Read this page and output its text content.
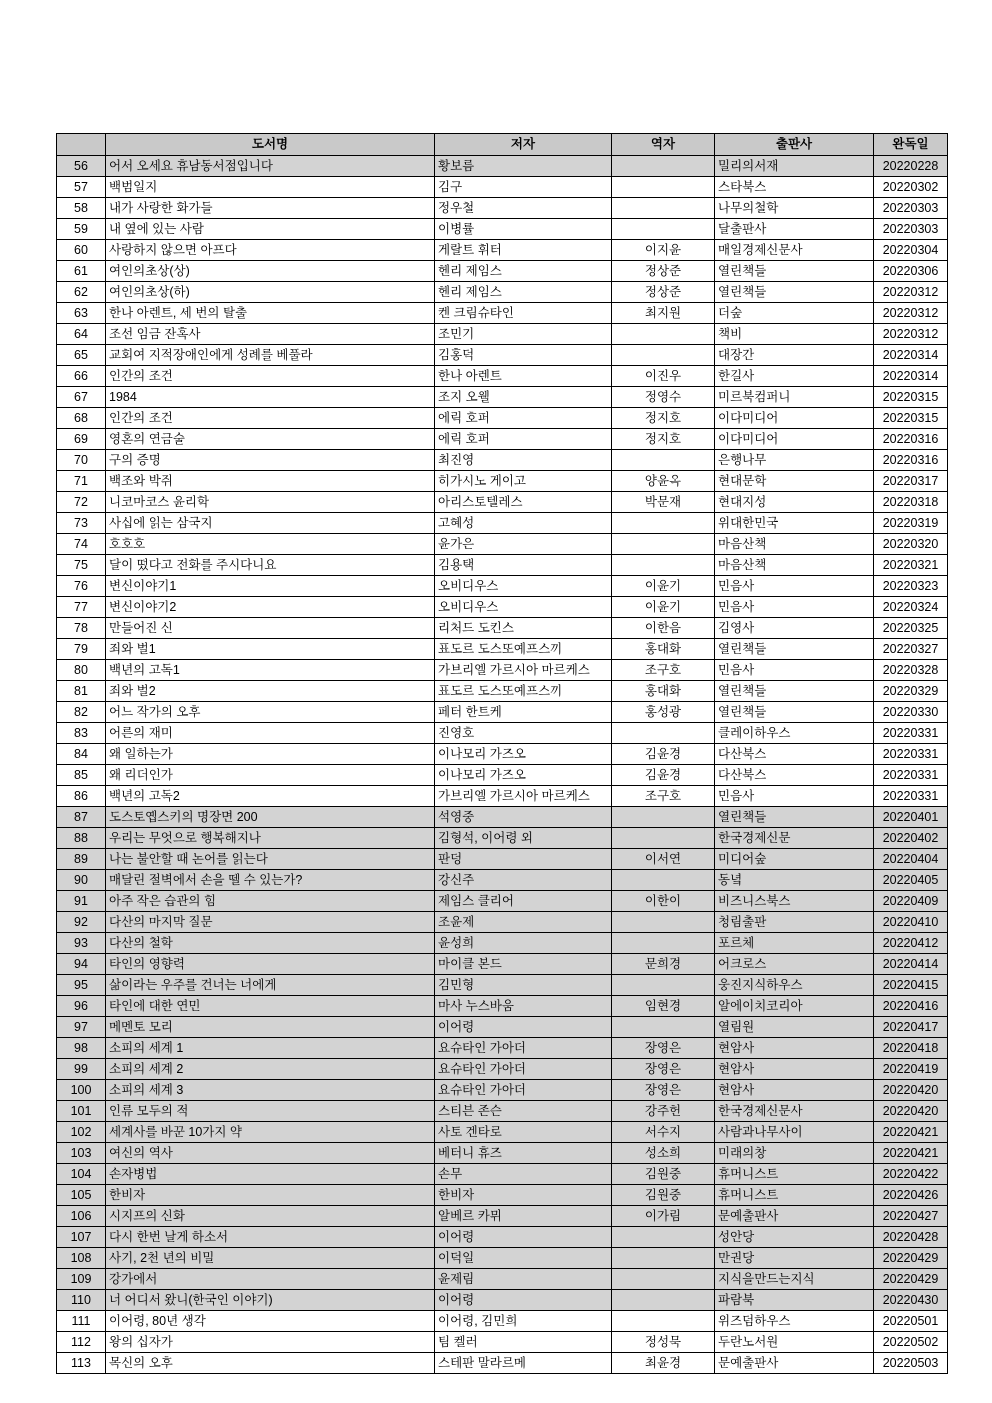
	도서명	저자	역자	출판사	완독일
56	어서 오세요 휴남동서점입니다	황보름		밀리의서재	20220228
57	백범일지	김구		스타북스	20220302
58	내가 사랑한 화가들	정우철		나무의철학	20220303
59	내 옆에 있는 사람	이병률		달출판사	20220303
60	사랑하지 않으면 아프다	게랄트 휘터	이지윤	매일경제신문사	20220304
61	여인의초상(상)	헨리 제임스	정상준	열린책들	20220306
62	여인의초상(하)	헨리 제임스	정상준	열린책들	20220312
63	한나 아렌트, 세 번의 탈출	켄 크림슈타인	최지원	더숲	20220312
64	조선 임금 잔혹사	조민기		책비	20220312
65	교회여 지적장애인에게 성례를 베풀라	김홍덕		대장간	20220314
66	인간의 조건	한나 아렌트	이진우	한길사	20220314
67	1984	조지 오웰	정영수	미르북컴퍼니	20220315
68	인간의 조건	에릭 호퍼	정지호	이다미디어	20220315
69	영혼의 연금술	에릭 호퍼	정지호	이다미디어	20220316
70	구의 증명	최진영		은행나무	20220316
71	백조와 박쥐	히가시노 게이고	양윤옥	현대문학	20220317
72	니코마코스 윤리학	아리스토텔레스	박문재	현대지성	20220318
73	사십에 읽는 삼국지	고혜성		위대한민국	20220319
74	호호호	윤가은		마음산책	20220320
75	달이 떴다고 전화를 주시다니요	김용택		마음산책	20220321
76	변신이야기1	오비디우스	이윤기	민음사	20220323
77	변신이야기2	오비디우스	이윤기	민음사	20220324
78	만들어진 신	리처드 도킨스	이한음	김영사	20220325
79	죄와 벌1	표도르 도스또예프스끼	홍대화	열린책들	20220327
80	백년의 고독1	가브리엘 가르시아 마르케스	조구호	민음사	20220328
81	죄와 벌2	표도르 도스또예프스끼	홍대화	열린책들	20220329
82	어느 작가의 오후	페터 한트케	홍성광	열린책들	20220330
83	어른의 재미	진영호		클레이하우스	20220331
84	왜 일하는가	이나모리 가즈오	김윤경	다산북스	20220331
85	왜 리더인가	이나모리 가즈오	김윤경	다산북스	20220331
86	백년의 고독2	가브리엘 가르시아 마르케스	조구호	민음사	20220331
87	도스토옙스키의 명장면 200	석영중		열린책들	20220401
88	우리는 무엇으로 행복해지나	김형석, 이어령 외		한국경제신문	20220402
89	나는 불안할 때 논어를 읽는다	판덩	이서연	미디어숲	20220404
90	매달린 절벽에서 손을 뗄 수 있는가?	강신주		동녘	20220405
91	아주 작은 습관의 힘	제임스 클리어	이한이	비즈니스북스	20220409
92	다산의 마지막 질문	조윤제		청림출판	20220410
93	다산의 철학	윤성희		포르체	20220412
94	타인의 영향력	마이클 본드	문희경	어크로스	20220414
95	삶이라는 우주를 건너는 너에게	김민형		웅진지식하우스	20220415
96	타인에 대한 연민	마사 누스바움	임현경	알에이치코리아	20220416
97	메멘토 모리	이어령		열림원	20220417
98	소피의 세계 1	요슈타인 가아더	장영은	현암사	20220418
99	소피의 세계 2	요슈타인 가아더	장영은	현암사	20220419
100	소피의 세계 3	요슈타인 가아더	장영은	현암사	20220420
101	인류 모두의 적	스티븐 존슨	강주헌	한국경제신문사	20220420
102	세계사를 바꾼 10가지 약	사토 겐타로	서수지	사람과나무사이	20220421
103	여신의 역사	베터니 휴즈	성소희	미래의창	20220421
104	손자병법	손무	김원중	휴머니스트	20220422
105	한비자	한비자	김원중	휴머니스트	20220426
106	시지프의 신화	알베르 카뮈	이가림	문예출판사	20220427
107	다시 한번 날게 하소서	이어령		성안당	20220428
108	사기, 2천 년의 비밀	이덕일		만권당	20220429
109	강가에서	윤제림		지식을만드는지식	20220429
110	너 어디서 왔니(한국인 이야기)	이어령		파람북	20220430
111	이어령, 80년 생각	이어령, 김민희		위즈덤하우스	20220501
112	왕의 십자가	팀 켈러	정성묵	두란노서원	20220502
113	목신의 오후	스테판 말라르메	최윤경	문예출판사	20220503
